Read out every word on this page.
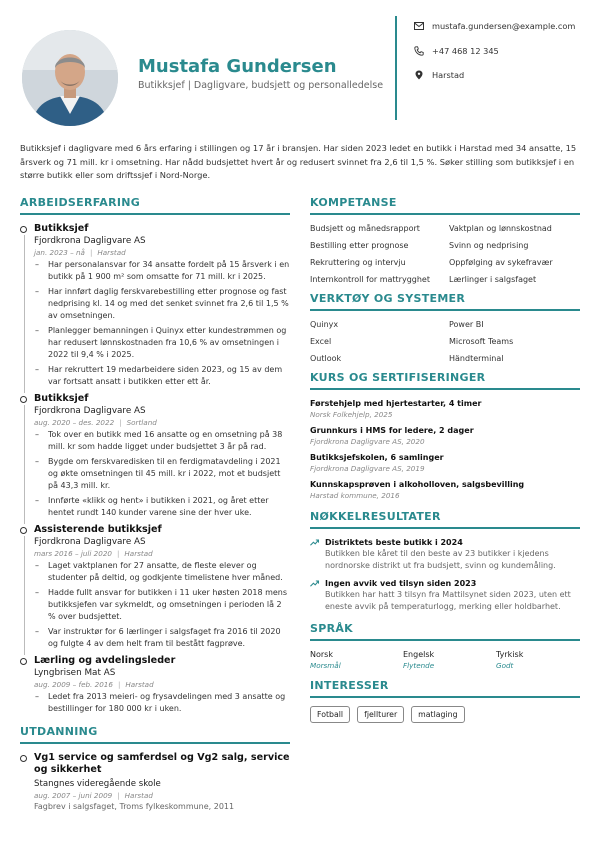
Mustafa Gundersen
Butikksjef | Dagligvare, budsjett og personalledelse
mustafa.gundersen@example.com
+47 468 12 345
Harstad

Butikksjef i dagligvare med 6 års erfaring i stillingen og 17 år i bransjen. Har siden 2023 ledet en butikk i Harstad med 34 ansatte, 15 årsverk og 71 mill. kr i omsetning. Har nådd budsjettet hvert år og redusert svinnet fra 2,6 til 1,5 %. Søker stilling som butikksjef i en større butikk eller som driftssjef i Nord-Norge.

ARBEIDSERFARING
Butikksjef
Fjordkrona Dagligvare AS
jan. 2023 – nå | Harstad
– Har personalansvar for 34 ansatte fordelt på 15 årsverk i en butikk på 1 900 m² som omsatte for 71 mill. kr i 2025.
– Har innført daglig ferskvarebestilling etter prognose og fast nedprising kl. 14 og med det senket svinnet fra 2,6 til 1,5 % av omsetningen.
– Planlegger bemanningen i Quinyx etter kundestrømmen og har redusert lønnskostnaden fra 10,6 % av omsetningen i 2022 til 9,4 % i 2025.
– Har rekruttert 19 medarbeidere siden 2023, og 15 av dem var fortsatt ansatt i butikken etter ett år.
Butikksjef
Fjordkrona Dagligvare AS
aug. 2020 – des. 2022 | Sortland
– Tok over en butikk med 16 ansatte og en omsetning på 38 mill. kr som hadde ligget under budsjettet 3 år på rad.
– Bygde om ferskvaredisken til en ferdigmatavdeling i 2021 og økte omsetningen til 45 mill. kr i 2022, mot et budsjett på 43,3 mill. kr.
– Innførte «klikk og hent» i butikken i 2021, og året etter hentet rundt 140 kunder varene sine der hver uke.
Assisterende butikksjef
Fjordkrona Dagligvare AS
mars 2016 – juli 2020 | Harstad
– Laget vaktplanen for 27 ansatte, de fleste elever og studenter på deltid, og godkjente timelistene hver måned.
– Hadde fullt ansvar for butikken i 11 uker høsten 2018 mens butikksjefen var sykmeldt, og omsetningen i perioden lå 2 % over budsjettet.
– Var instruktør for 6 lærlinger i salgsfaget fra 2016 til 2020 og fulgte 4 av dem helt fram til bestått fagprøve.
Lærling og avdelingsleder
Lyngbrisen Mat AS
aug. 2009 – feb. 2016 | Harstad
– Ledet fra 2013 meieri- og frysavdelingen med 3 ansatte og bestillinger for 180 000 kr i uken.
UTDANNING
Vg1 service og samferdsel og Vg2 salg, service og sikkerhet
Stangnes videregående skole
aug. 2007 – juni 2009 | Harstad
Fagbrev i salgsfaget, Troms fylkeskommune, 2011
KOMPETANSE
Budsjett og månedsrapport	Vaktplan og lønnskostnad
Bestilling etter prognose	Svinn og nedprising
Rekruttering og intervju	Oppfølging av sykefravær
Internkontroll for mattrygghet	Lærlinger i salgsfaget
VERKTØY OG SYSTEMER
Quinyx	Power BI
Excel	Microsoft Teams
Outlook	Händterminal
KURS OG SERTIFISERINGER
Førstehjelp med hjertestarter, 4 timer
Norsk Folkehjelp, 2025
Grunnkurs i HMS for ledere, 2 dager
Fjordkrona Dagligvare AS, 2020
Butikksjefskolen, 6 samlinger
Fjordkrona Dagligvare AS, 2019
Kunnskapsprøven i alkoholloven, salgsbevilling
Harstad kommune, 2016
NØKKELRESULTATER
Distriktets beste butikk i 2024
Butikken ble kåret til den beste av 23 butikker i kjedens nordnorske distrikt ut fra budsjett, svinn og kundemåling.
Ingen avvik ved tilsyn siden 2023
Butikken har hatt 3 tilsyn fra Mattilsynet siden 2023, uten ett eneste avvik på temperaturlogg, merking eller holdbarhet.
SPRÅK
Norsk
Morsmål
Engelsk
Flytende
Tyrkisk
Godt
INTERESSER
Fotball	fjellturer	matlaging
